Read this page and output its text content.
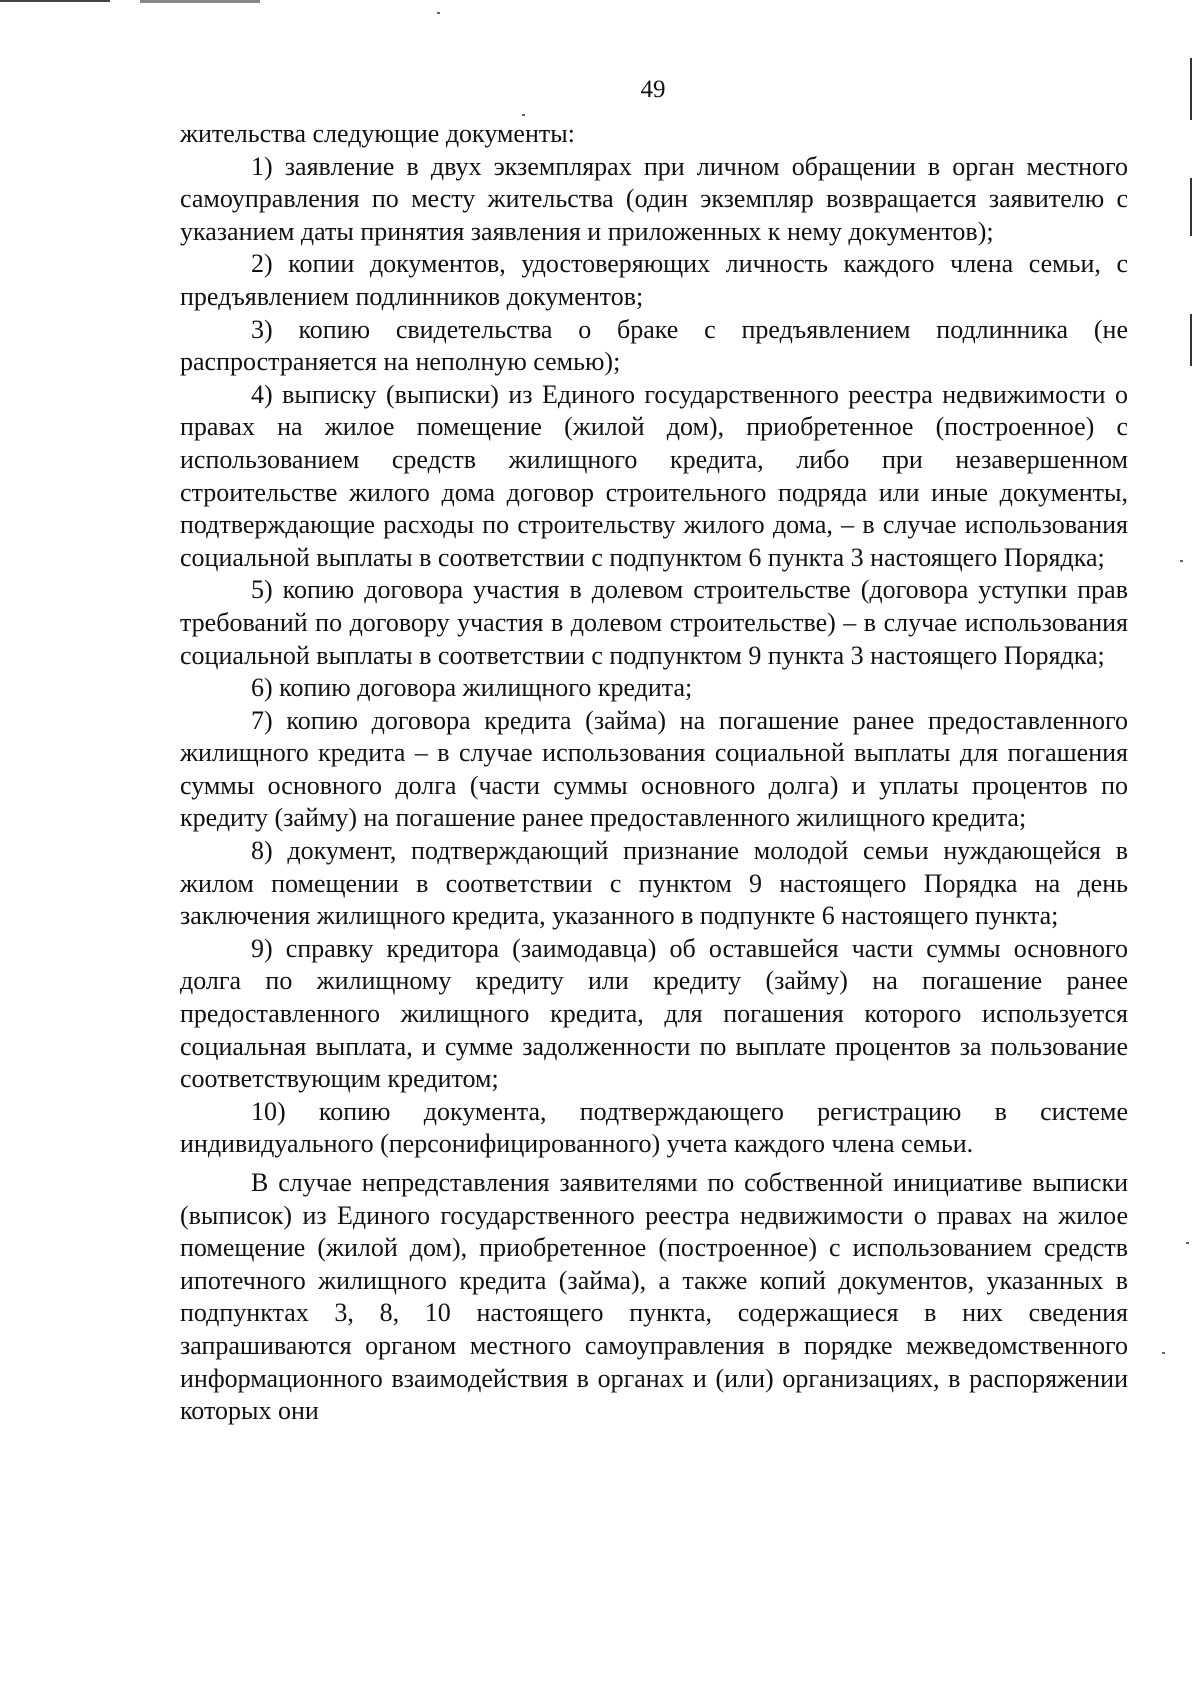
49

жительства следующие документы:

1) заявление в двух экземплярах при личном обращении в орган местного самоуправления по месту жительства (один экземпляр возвращается заявителю с указанием даты принятия заявления и приложенных к нему документов);

2) копии документов, удостоверяющих личность каждого члена семьи, с предъявлением подлинников документов;

3) копию свидетельства о браке с предъявлением подлинника (не распространяется на неполную семью);

4) выписку (выписки) из Единого государственного реестра недвижимости о правах на жилое помещение (жилой дом), приобретенное (построенное) с использованием средств жилищного кредита, либо при незавершенном строительстве жилого дома договор строительного подряда или иные документы, подтверждающие расходы по строительству жилого дома, – в случае использования социальной выплаты в соответствии с подпунктом 6 пункта 3 настоящего Порядка;

5) копию договора участия в долевом строительстве (договора уступки прав требований по договору участия в долевом строительстве) – в случае использования социальной выплаты в соответствии с подпунктом 9 пункта 3 настоящего Порядка;

6) копию договора жилищного кредита;

7) копию договора кредита (займа) на погашение ранее предоставленного жилищного кредита – в случае использования социальной выплаты для погашения суммы основного долга (части суммы основного долга) и уплаты процентов по кредиту (займу) на погашение ранее предоставленного жилищного кредита;

8) документ, подтверждающий признание молодой семьи нуждающейся в жилом помещении в соответствии с пунктом 9 настоящего Порядка на день заключения жилищного кредита, указанного в подпункте 6 настоящего пункта;

9) справку кредитора (заимодавца) об оставшейся части суммы основного долга по жилищному кредиту или кредиту (займу) на погашение ранее предоставленного жилищного кредита, для погашения которого используется социальная выплата, и сумме задолженности по выплате процентов за пользование соответствующим кредитом;

10) копию документа, подтверждающего регистрацию в системе индивидуального (персонифицированного) учета каждого члена семьи.

В случае непредставления заявителями по собственной инициативе выписки (выписок) из Единого государственного реестра недвижимости о правах на жилое помещение (жилой дом), приобретенное (построенное) с использованием средств ипотечного жилищного кредита (займа), а также копий документов, указанных в подпунктах 3, 8, 10 настоящего пункта, содержащиеся в них сведения запрашиваются органом местного самоуправления в порядке межведомственного информационного взаимодействия в органах и (или) организациях, в распоряжении которых они
